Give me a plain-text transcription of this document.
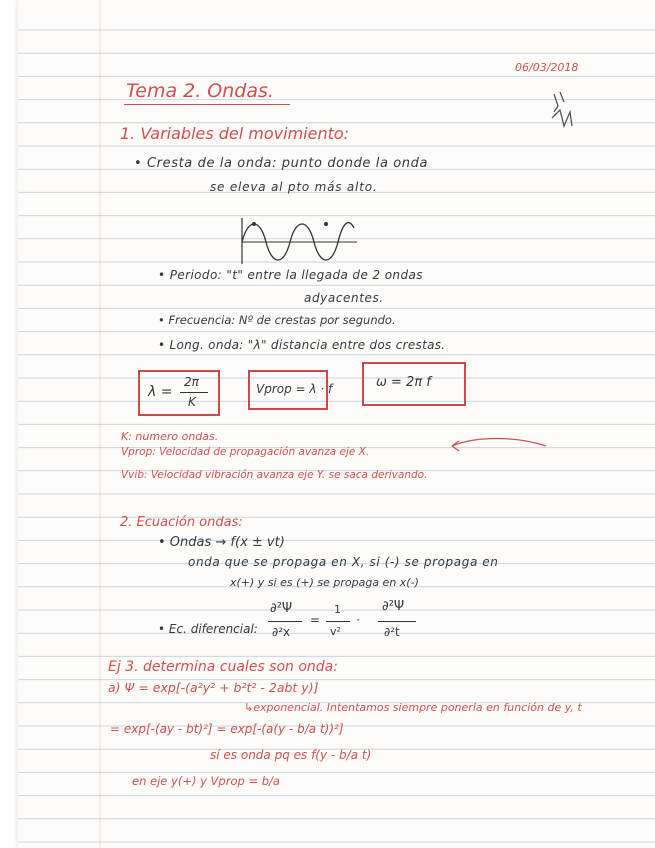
06/03/2018
Tema 2. Ondas.
1. Variables del movimiento:
• Cresta de la onda: punto donde la onda
se eleva al pto más alto.
• Periodo: "t" entre la llegada de 2 ondas
adyacentes.
• Frecuencia: Nº de crestas por segundo.
• Long. onda: "λ" distancia entre dos crestas.
λ =
2π
K
Vprop = λ · f	ω = 2π f
K: numero ondas.
Vprop: Velocidad de propagación avanza eje X.
Vvib: Velocidad vibración avanza eje Y. se saca derivando.
2. Ecuación ondas:
• Ondas → f(x ± vt)
onda que se propaga en X, si (-) se propaga en
x(+) y si es (+) se propaga en x(-)
• Ec. diferencial:
∂²Ψ
∂²x
=
1
v²
·
∂²Ψ
∂²t
Ej 3. determina cuales son onda:
a) Ψ = exp[-(a²y² + b²t² - 2abt y)]
↳exponencial. Intentamos siempre ponerla en función de y, t
= exp[-(ay - bt)²] = exp[-(a(y - b/a t))²]
sí es onda pq es f(y - b/a t)
en eje y(+) y Vprop = b/a
